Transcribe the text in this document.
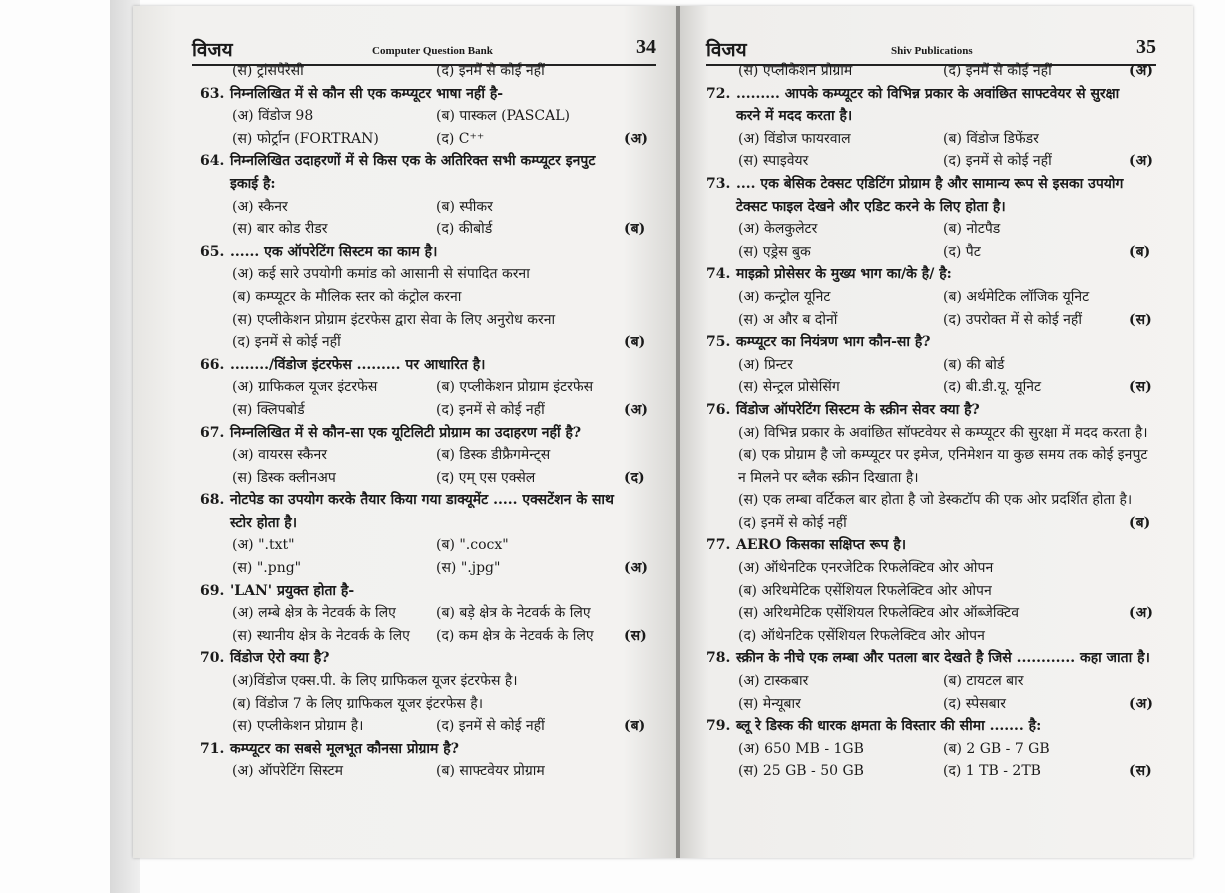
विजय	Computer Question Bank	34	विजय	Shiv Publications	35
(स) ट्रांसपेरेसी	(द) इनमें से कोई नहीं
63. निम्नलिखित में से कौन सी एक कम्प्यूटर भाषा नहीं है-
(अ) विंडोज 98	(ब) पास्कल (PASCAL)
(स) फोर्ट्रान (FORTRAN)	(द) C⁺⁺	(अ)
64. निम्नलिखित उदाहरणों में से किस एक के अतिरिक्त सभी कम्प्यूटर इनपुट
इकाई है:
(अ) स्कैनर	(ब) स्पीकर
(स) बार कोड रीडर	(द) कीबोर्ड	(ब)
65. ...... एक ऑपरेटिंग सिस्टम का काम है।
(अ) कई सारे उपयोगी कमांड को आसानी से संपादित करना
(ब) कम्प्यूटर के मौलिक स्तर को कंट्रोल करना
(स) एप्लीकेशन प्रोग्राम इंटरफेस द्वारा सेवा के लिए अनुरोध करना
(द) इनमें से कोई नहीं	(ब)
66. ......../विंडोज इंटरफेस ......... पर आधारित है।
(अ) ग्राफिकल यूजर इंटरफेस	(ब) एप्लीकेशन प्रोग्राम इंटरफेस
(स) क्लिपबोर्ड	(द) इनमें से कोई नहीं	(अ)
67. निम्नलिखित में से कौन-सा एक यूटिलिटी प्रोग्राम का उदाहरण नहीं है?
(अ) वायरस स्कैनर	(ब) डिस्क डीफ्रैगमेन्ट्स
(स) डिस्क क्लीनअप	(द) एम् एस एक्सेल	(द)
68. नोटपेड का उपयोग करके तैयार किया गया डाक्यूमेंट ..... एक्सटेंशन के साथ
स्टोर होता है।
(अ) ".txt"	(ब) ".cocx"
(स) ".png"	(स) ".jpg"	(अ)
69. 'LAN' प्रयुक्त होता है-
(अ) लम्बे क्षेत्र के नेटवर्क के लिए	(ब) बड़े क्षेत्र के नेटवर्क के लिए
(स) स्थानीय क्षेत्र के नेटवर्क के लिए (द) कम क्षेत्र के नेटवर्क के लिए (स)
70. विंडोज ऐरो क्या है?
(अ)विंडोज एक्स.पी. के लिए ग्राफिकल यूजर इंटरफेस है।
(ब) विंडोज 7 के लिए ग्राफिकल यूजर इंटरफेस है।
(स) एप्लीकेशन प्रोग्राम है।	(द) इनमें से कोई नहीं	(ब)
71. कम्प्यूटर का सबसे मूलभूत कौनसा प्रोग्राम है?
(अ) ऑपरेटिंग सिस्टम	(ब) साफ्टवेयर प्रोग्राम
(स) एप्लीकेशन प्रोग्राम	(द) इनमें से कोई नहीं	(अ)
72. ......... आपके कम्प्यूटर को विभिन्न प्रकार के अवांछित साफ्टवेयर से सुरक्षा
करने में मदद करता है।
(अ) विंडोज फायरवाल	(ब) विंडोज डिफेंडर
(स) स्पाइवेयर	(द) इनमें से कोई नहीं	(अ)
73. .... एक बेसिक टेक्सट एडिटिंग प्रोग्राम है और सामान्य रूप से इसका उपयोग
टेक्सट फाइल देखने और एडिट करने के लिए होता है।
(अ) केलकुलेटर	(ब) नोटपैड
(स) एड्रेस बुक	(द) पैट	(ब)
74. माइक्रो प्रोसेसर के मुख्य भाग का/के है/ है:
(अ) कन्ट्रोल यूनिट	(ब) अर्थमेटिक लॉजिक यूनिट
(स) अ और ब दोनों	(द) उपरोक्त में से कोई नहीं	(स)
75. कम्प्यूटर का नियंत्रण भाग कौन-सा है?
(अ) प्रिन्टर	(ब) की बोर्ड
(स) सेन्ट्रल प्रोसेसिंग	(द) बी.डी.यू. यूनिट	(स)
76. विंडोज ऑपरेटिंग सिस्टम के स्क्रीन सेवर क्या है?
(अ) विभिन्न प्रकार के अवांछित सॉफ्टवेयर से कम्प्यूटर की सुरक्षा में मदद करता है।
(ब) एक प्रोग्राम है जो कम्प्यूटर पर इमेज, एनिमेशन या कुछ समय तक कोई इनपुट
न मिलने पर ब्लैक स्क्रीन दिखाता है।
(स) एक लम्बा वर्टिकल बार होता है जो डेस्कटॉप की एक ओर प्रदर्शित होता है।
(द) इनमें से कोई नहीं	(ब)
77. AERO किसका सक्षिप्त रूप है।
(अ) ऑथेनटिक एनरजेटिक रिफलेक्टिव ओर ओपन
(ब) अरिथमेटिक एसेंशियल रिफलेक्टिव ओर ओपन
(स) अरिथमेटिक एसेंशियल रिफलेक्टिव ओर ऑब्जेक्टिव	(अ)
(द) ऑथेनटिक एसेंशियल रिफलेक्टिव ओर ओपन
78. स्क्रीन के नीचे एक लम्बा और पतला बार देखते है जिसे ............ कहा जाता है।
(अ) टास्कबार	(ब) टायटल बार
(स) मेन्यूबार	(द) स्पेसबार	(अ)
79. ब्लू रे डिस्क की धारक क्षमता के विस्तार की सीमा ....... है:
(अ) 650 MB - 1GB	(ब) 2 GB - 7 GB
(स) 25 GB - 50 GB	(द) 1 TB - 2TB	(स)
